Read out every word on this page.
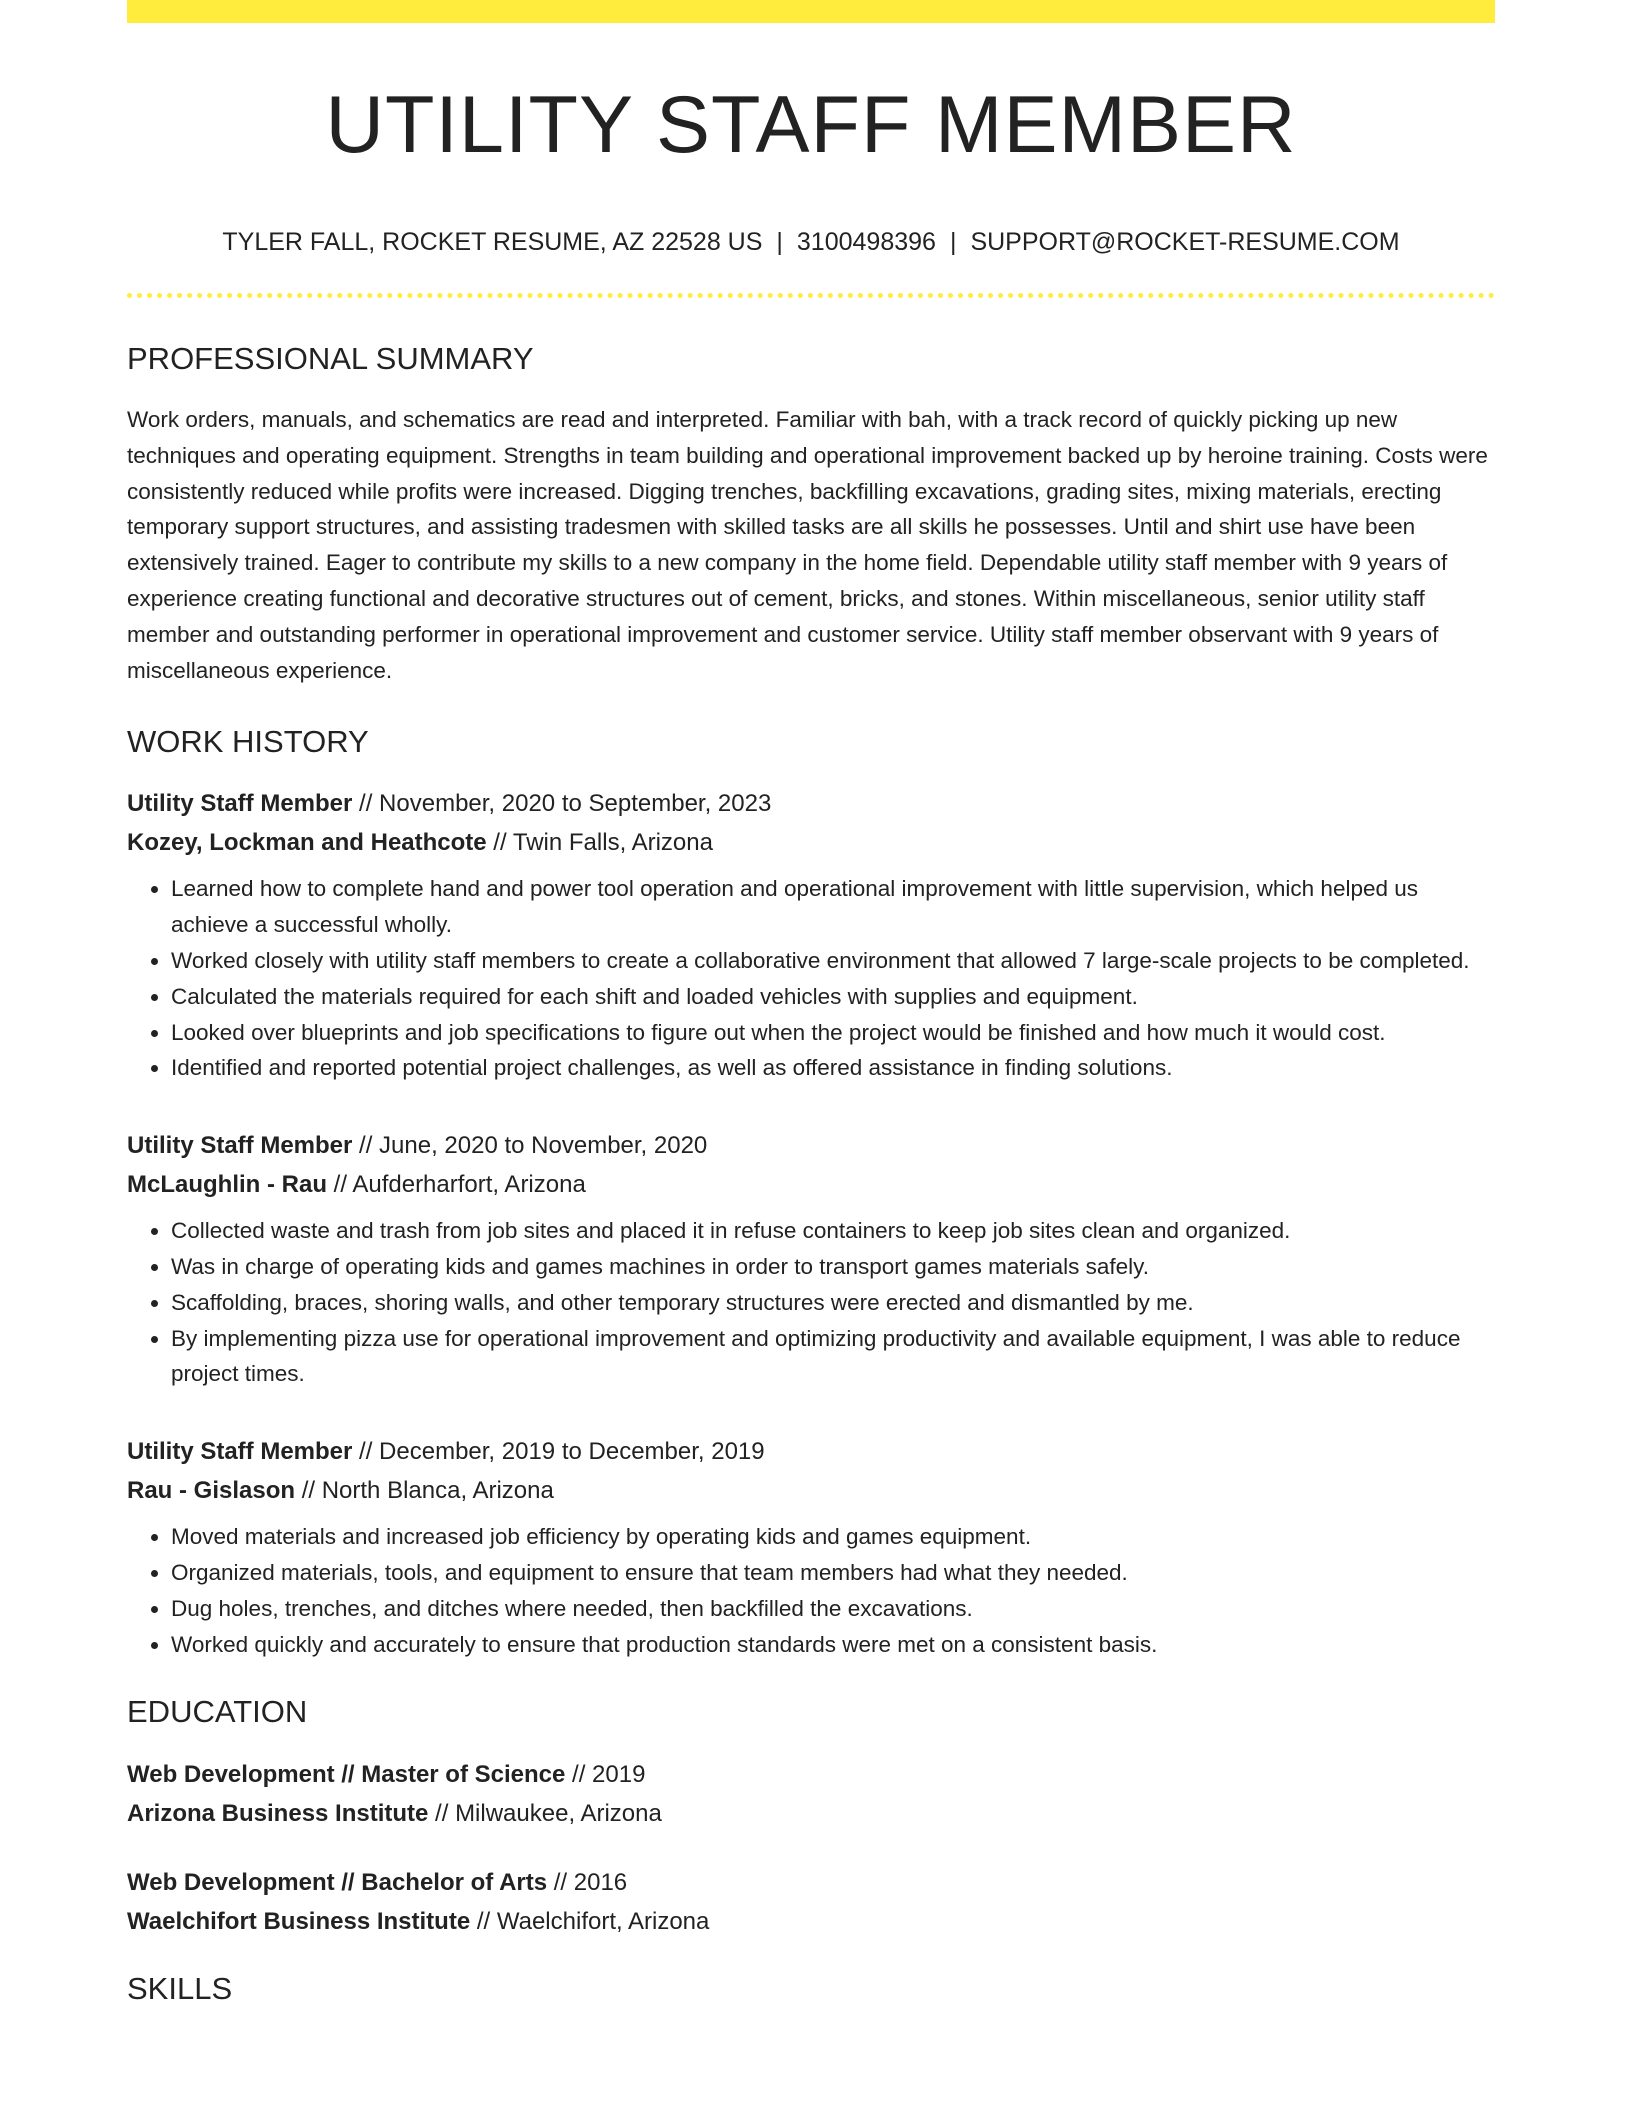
UTILITY STAFF MEMBER
TYLER FALL, ROCKET RESUME, AZ 22528 US | 3100498396 | SUPPORT@ROCKET-RESUME.COM
PROFESSIONAL SUMMARY
Work orders, manuals, and schematics are read and interpreted. Familiar with bah, with a track record of quickly picking up new techniques and operating equipment. Strengths in team building and operational improvement backed up by heroine training. Costs were consistently reduced while profits were increased. Digging trenches, backfilling excavations, grading sites, mixing materials, erecting temporary support structures, and assisting tradesmen with skilled tasks are all skills he possesses. Until and shirt use have been extensively trained. Eager to contribute my skills to a new company in the home field. Dependable utility staff member with 9 years of experience creating functional and decorative structures out of cement, bricks, and stones. Within miscellaneous, senior utility staff member and outstanding performer in operational improvement and customer service. Utility staff member observant with 9 years of miscellaneous experience.
WORK HISTORY
Utility Staff Member // November, 2020 to September, 2023
Kozey, Lockman and Heathcote // Twin Falls, Arizona
• Learned how to complete hand and power tool operation and operational improvement with little supervision, which helped us achieve a successful wholly.
• Worked closely with utility staff members to create a collaborative environment that allowed 7 large-scale projects to be completed.
• Calculated the materials required for each shift and loaded vehicles with supplies and equipment.
• Looked over blueprints and job specifications to figure out when the project would be finished and how much it would cost.
• Identified and reported potential project challenges, as well as offered assistance in finding solutions.
Utility Staff Member // June, 2020 to November, 2020
McLaughlin - Rau // Aufderharfort, Arizona
• Collected waste and trash from job sites and placed it in refuse containers to keep job sites clean and organized.
• Was in charge of operating kids and games machines in order to transport games materials safely.
• Scaffolding, braces, shoring walls, and other temporary structures were erected and dismantled by me.
• By implementing pizza use for operational improvement and optimizing productivity and available equipment, I was able to reduce project times.
Utility Staff Member // December, 2019 to December, 2019
Rau - Gislason // North Blanca, Arizona
• Moved materials and increased job efficiency by operating kids and games equipment.
• Organized materials, tools, and equipment to ensure that team members had what they needed.
• Dug holes, trenches, and ditches where needed, then backfilled the excavations.
• Worked quickly and accurately to ensure that production standards were met on a consistent basis.
EDUCATION
Web Development // Master of Science // 2019
Arizona Business Institute // Milwaukee, Arizona
Web Development // Bachelor of Arts // 2016
Waelchifort Business Institute // Waelchifort, Arizona
SKILLS
